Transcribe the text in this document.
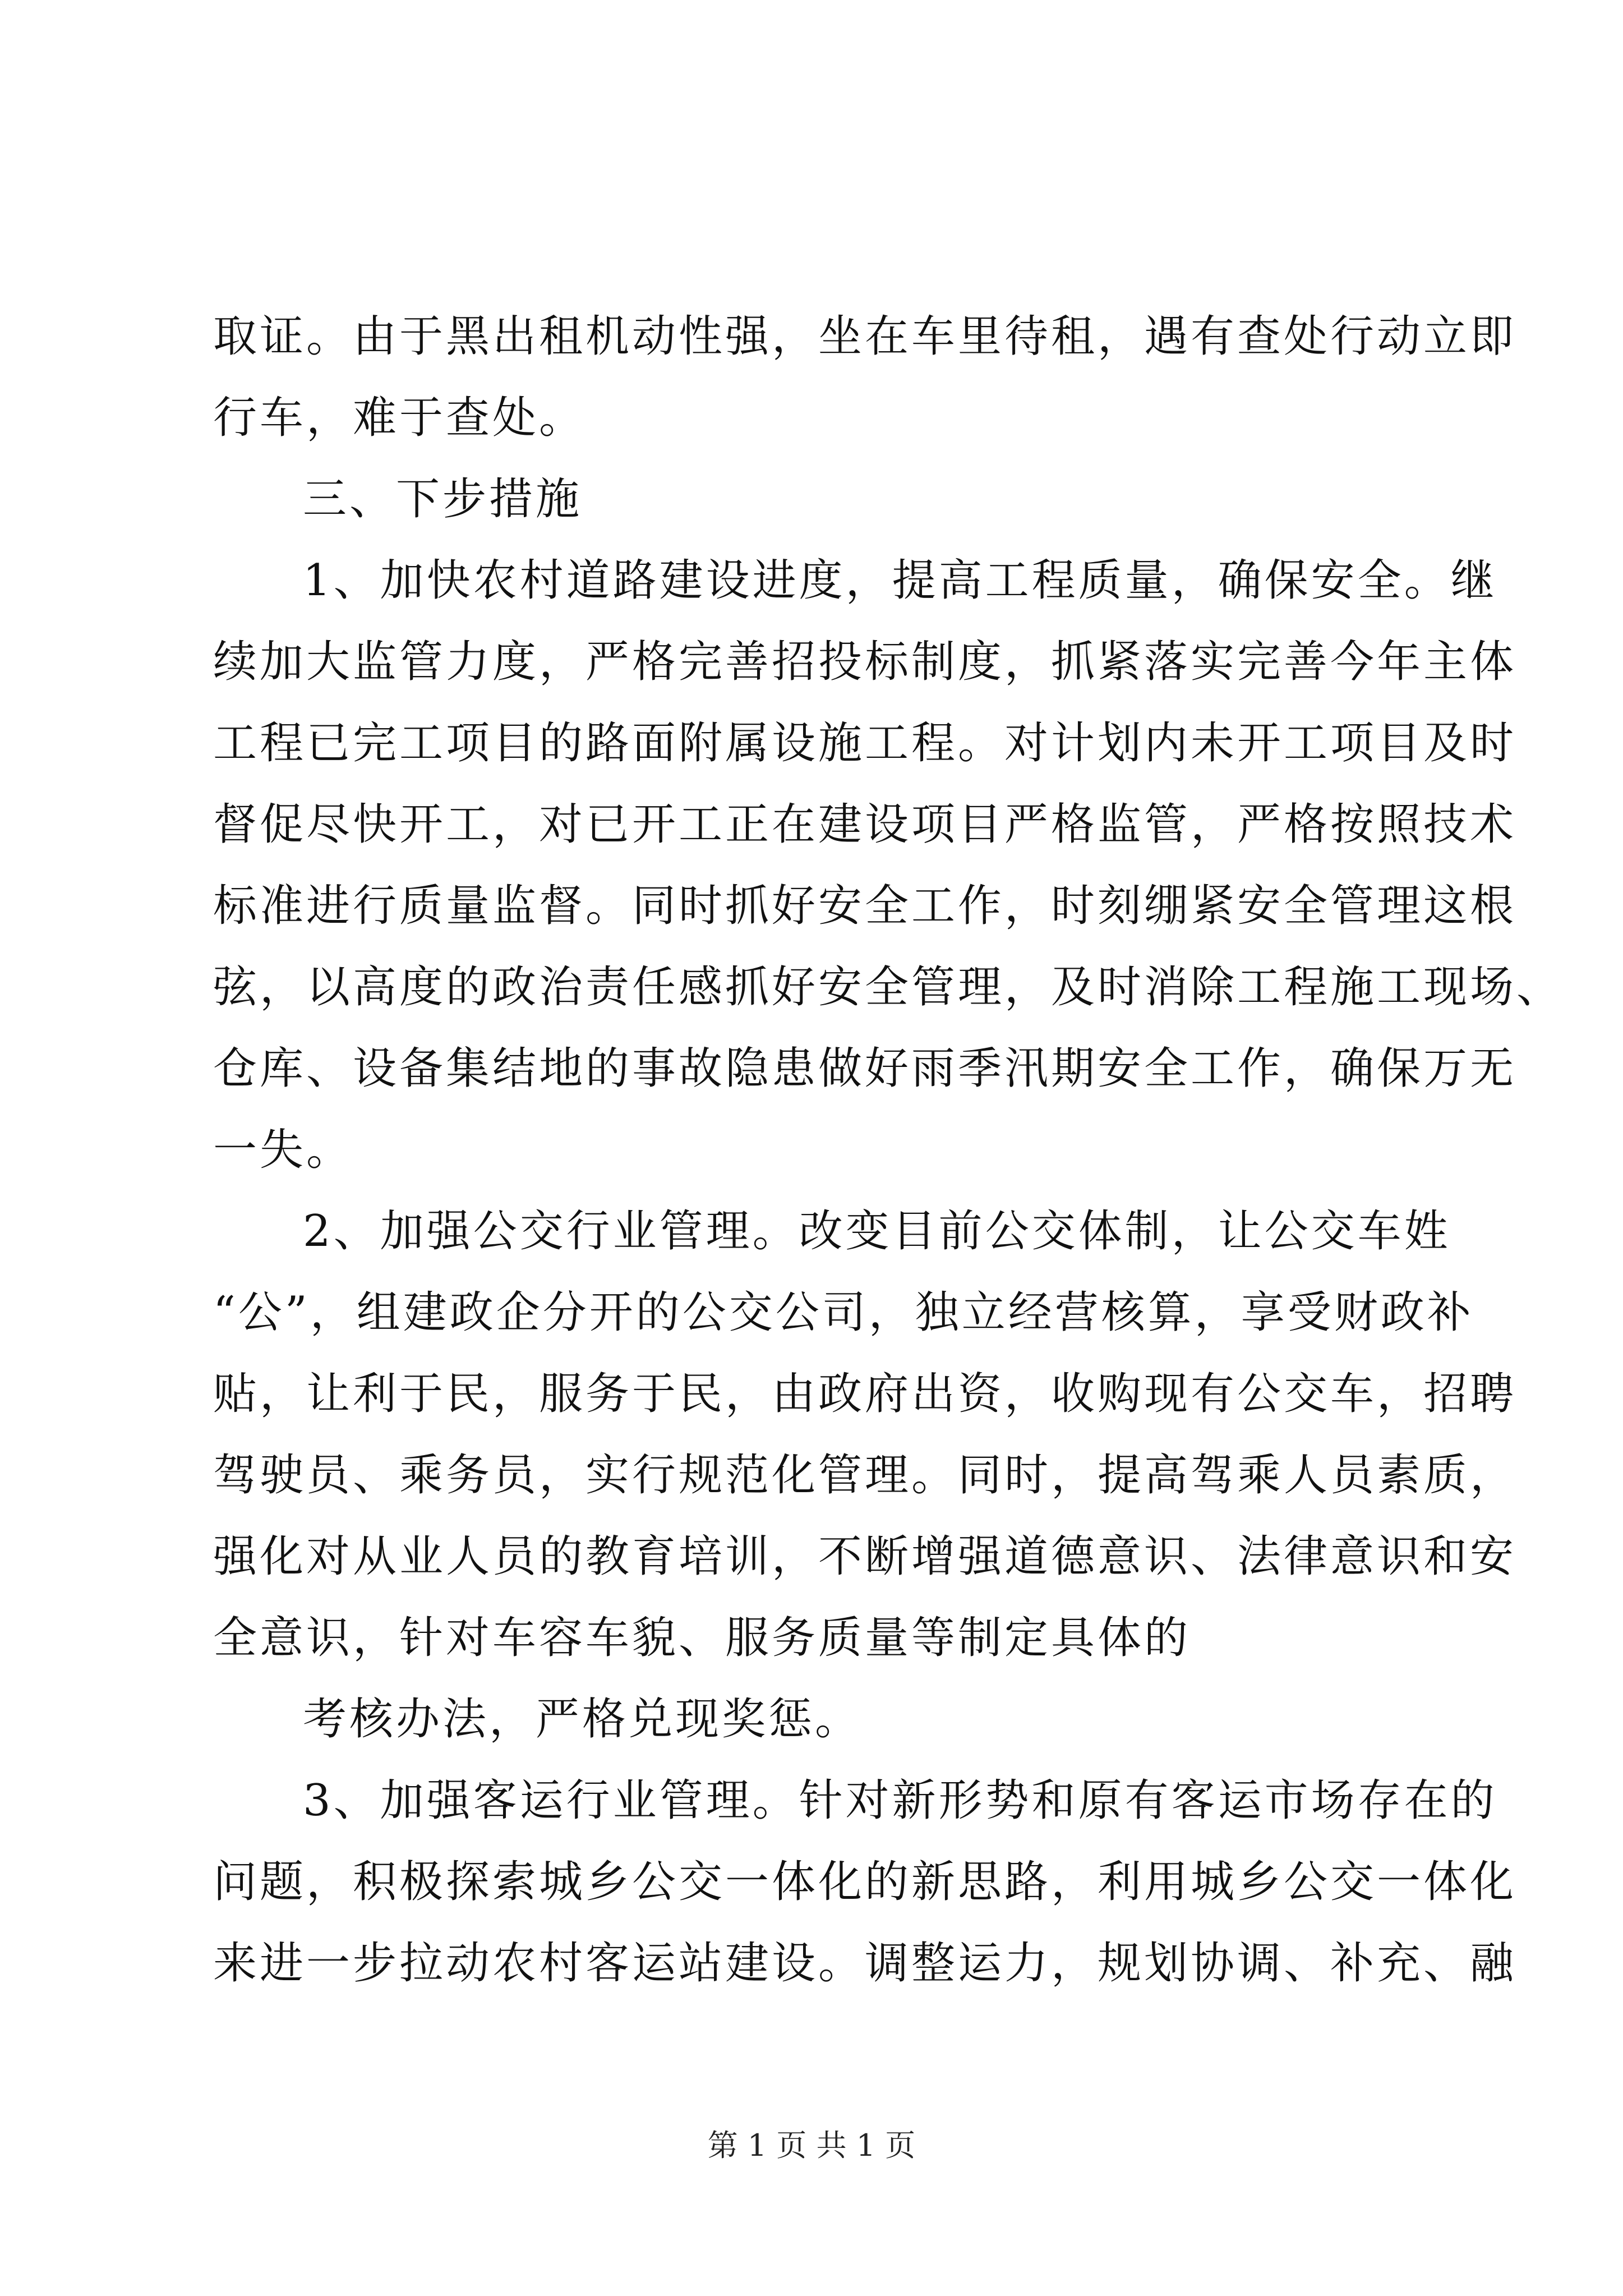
取证。由于黑出租机动性强，坐在车里待租，遇有查处行动立即

行车，难于查处。

三、下步措施

1、加快农村道路建设进度，提高工程质量，确保安全。继

续加大监管力度，严格完善招投标制度，抓紧落实完善今年主体

工程已完工项目的路面附属设施工程。对计划内未开工项目及时

督促尽快开工，对已开工正在建设项目严格监管，严格按照技术

标准进行质量监督。同时抓好安全工作，时刻绷紧安全管理这根

弦，以高度的政治责任感抓好安全管理，及时消除工程施工现场、

仓库、设备集结地的事故隐患做好雨季汛期安全工作，确保万无

一失。

2、加强公交行业管理。改变目前公交体制，让公交车姓

“公”，组建政企分开的公交公司，独立经营核算，享受财政补

贴，让利于民，服务于民，由政府出资，收购现有公交车，招聘

驾驶员、乘务员，实行规范化管理。同时，提高驾乘人员素质，

强化对从业人员的教育培训，不断增强道德意识、法律意识和安

全意识，针对车容车貌、服务质量等制定具体的

考核办法，严格兑现奖惩。

3、加强客运行业管理。针对新形势和原有客运市场存在的

问题，积极探索城乡公交一体化的新思路，利用城乡公交一体化

来进一步拉动农村客运站建设。调整运力，规划协调、补充、融

第 1 页 共 1 页
